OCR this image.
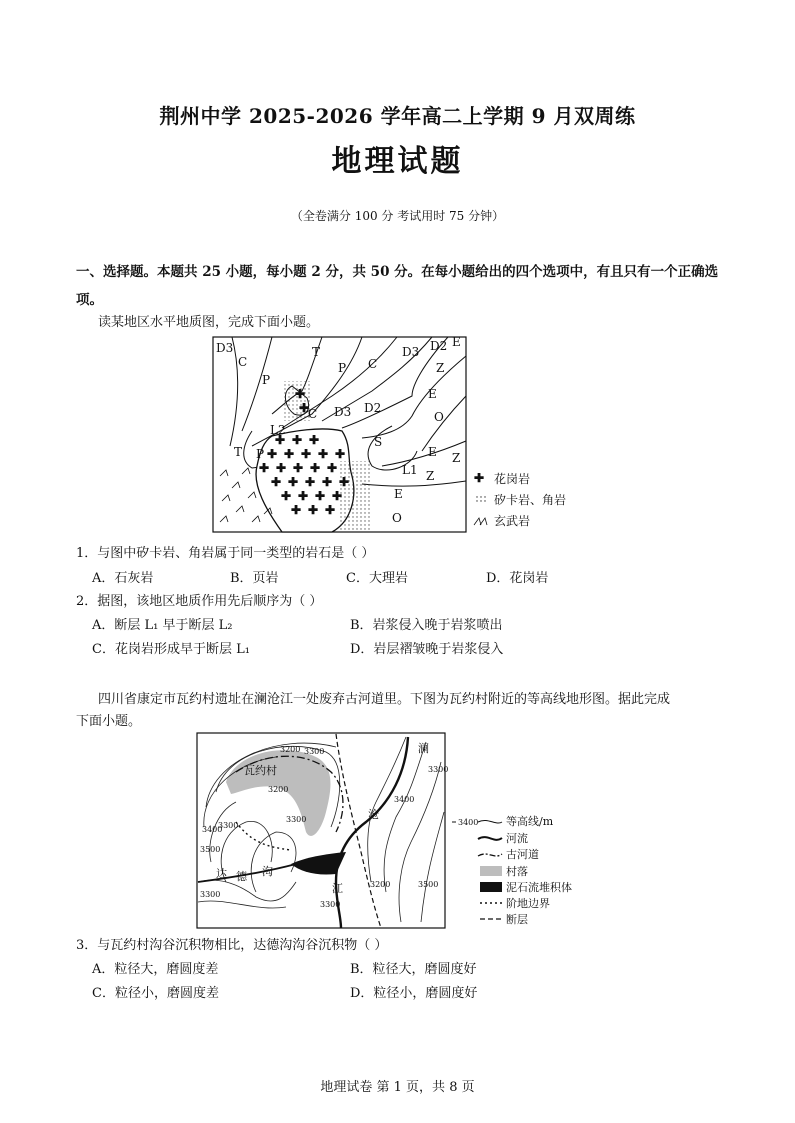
荆州中学 2025-2026 学年高二上学期 9 月双周练
地理试题
（全卷满分 100 分 考试用时 75 分钟）
一、选择题。本题共 25 小题，每小题 2 分，共 50 分。在每小题给出的四个选项中，有且只有一个正确选项。
读某地区水平地质图，完成下面小题。
✚ ✚ ✚
✚ ✚ ✚ ✚ ✚
✚ ✚ ✚ ✚ ✚
✚ ✚ ✚ ✚ ✚
✚ ✚ ✚ ✚
✚ ✚ ✚
✚
✚
D3
C
T
P C
D3 D2 E
Z
E
O
P
C D3 D2
S
E Z
L2
T P
L1 Z
E
O
✚ 花岗岩
矽卡岩、角岩
玄武岩
1．与图中矽卡岩、角岩属于同一类型的岩石是（ ）
A．石灰岩	B．页岩	C．大理岩	D．花岗岩
2．据图，该地区地质作用先后顺序为（ ）
A．断层 L₁ 早于断层 L₂	B．岩浆侵入晚于岩浆喷出
C．花岗岩形成早于断层 L₁	D．岩层褶皱晚于岩浆侵入
四川省康定市瓦约村遗址在澜沧江一处废弃古河道里。下图为瓦约村附近的等高线地形图。据此完成
下面小题。
瓦约村
达 德 沟
澜
沧
江
3200 3300
3200
3300
3400
3300
3500
3300
3200
3400
3500
3300
3300
3400	等高线/m
河流
古河道
村落
泥石流堆积体
阶地边界
断层
3．与瓦约村沟谷沉积物相比，达德沟沟谷沉积物（ ）
A．粒径大，磨圆度差	B．粒径大，磨圆度好
C．粒径小，磨圆度差	D．粒径小，磨圆度好
地理试卷 第 1 页，共 8 页
